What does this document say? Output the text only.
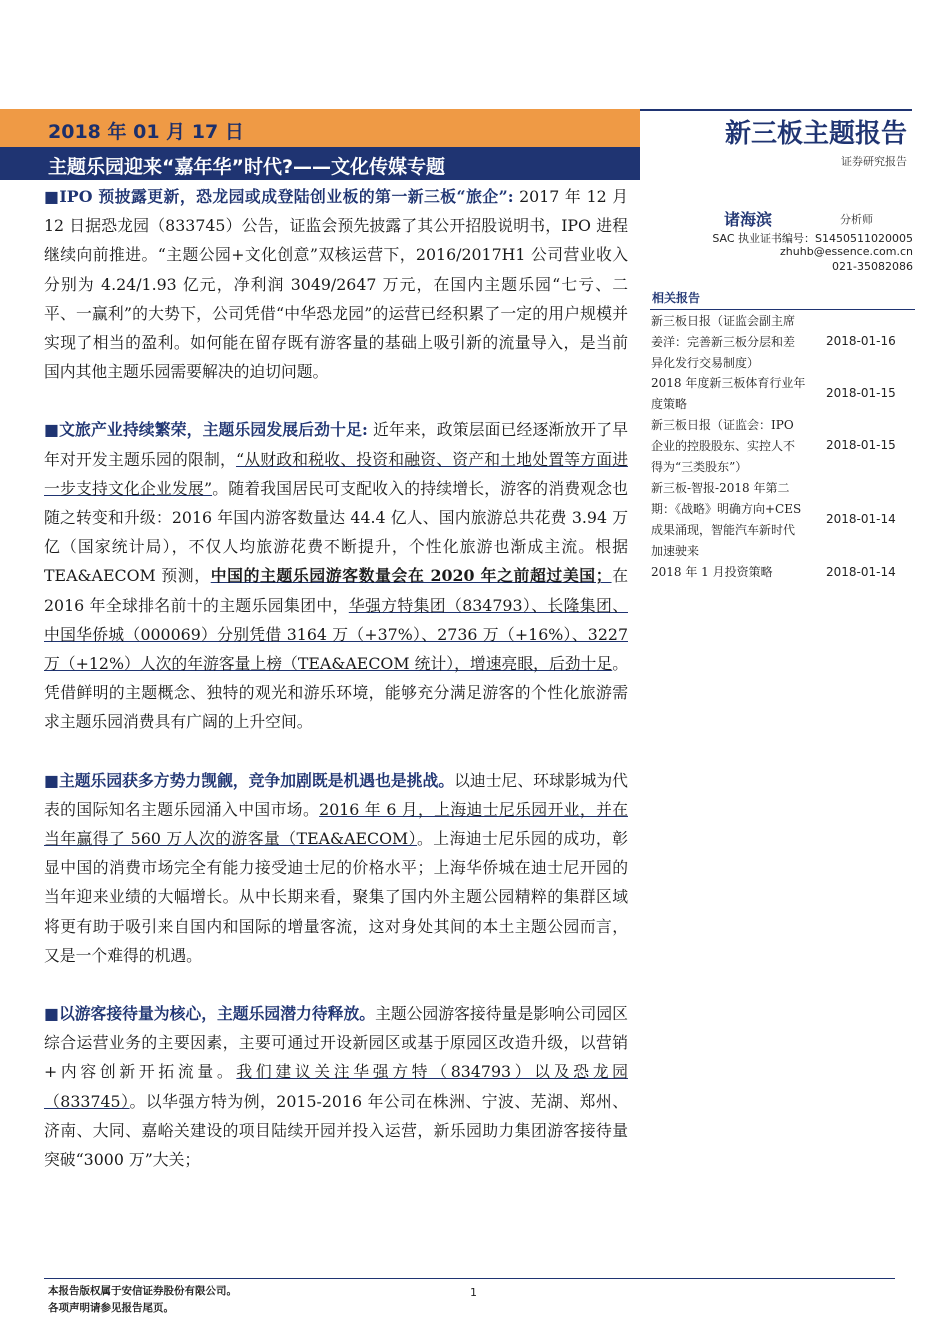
2018 年 01 月 17 日
主题乐园迎来“嘉年华”时代?——文化传媒专题
新三板主题报告
证券研究报告
诸海滨	分析师
SAC 执业证书编号：S1450511020005
zhuhb@essence.com.cn
021-35082086
相关报告
新三板日报（证监会副主席
姜洋：完善新三板分层和差
异化发行交易制度）
2018-01-16
2018 年度新三板体育行业年
度策略
2018-01-15
新三板日报（证监会：IPO
企业的控股股东、实控人不
得为“三类股东”）
2018-01-15
新三板-智报-2018 年第二
期：《战略》明确方向+CES
成果涌现，智能汽车新时代
加速驶来
2018-01-14
2018 年 1 月投资策略	2018-01-14

■IPO 预披露更新，恐龙园或成登陆创业板的第一新三板“旅企”: 2017 年 12 月 12 日据恐龙园（833745）公告，证监会预先披露了其公开招股说明书，IPO 进程继续向前推进。“主题公园+文化创意”双核运营下，2016/2017H1 公司营业收入分别为 4.24/1.93 亿元，净利润 3049/2647 万元，在国内主题乐园“七亏、二平、一赢利”的大势下，公司凭借“中华恐龙园”的运营已经积累了一定的用户规模并实现了相当的盈利。如何能在留存既有游客量的基础上吸引新的流量导入，是当前国内其他主题乐园需要解决的迫切问题。

■文旅产业持续繁荣，主题乐园发展后劲十足: 近年来，政策层面已经逐渐放开了早年对开发主题乐园的限制，“从财政和税收、投资和融资、资产和土地处置等方面进一步支持文化企业发展”。随着我国居民可支配收入的持续增长，游客的消费观念也随之转变和升级：2016 年国内游客数量达 44.4 亿人、国内旅游总共花费 3.94 万亿（国家统计局），不仅人均旅游花费不断提升，个性化旅游也渐成主流。根据 TEA&AECOM 预测，中国的主题乐园游客数量会在 2020 年之前超过美国；在 2016 年全球排名前十的主题乐园集团中，华强方特集团（834793）、长隆集团、中国华侨城（000069）分别凭借 3164 万（+37%）、2736 万（+16%）、3227 万（+12%）人次的年游客量上榜（TEA&AECOM 统计），增速亮眼，后劲十足。凭借鲜明的主题概念、独特的观光和游乐环境，能够充分满足游客的个性化旅游需求主题乐园消费具有广阔的上升空间。

■主题乐园获多方势力觊觎，竞争加剧既是机遇也是挑战。以迪士尼、环球影城为代表的国际知名主题乐园涌入中国市场。2016 年 6 月，上海迪士尼乐园开业，并在当年赢得了 560 万人次的游客量（TEA&AECOM）。上海迪士尼乐园的成功，彰显中国的消费市场完全有能力接受迪士尼的价格水平；上海华侨城在迪士尼开园的当年迎来业绩的大幅增长。从中长期来看，聚集了国内外主题公园精粹的集群区域将更有助于吸引来自国内和国际的增量客流，这对身处其间的本土主题公园而言，又是一个难得的机遇。

■以游客接待量为核心，主题乐园潜力待释放。主题公园游客接待量是影响公司园区综合运营业务的主要因素，主要可通过开设新园区或基于原园区改造升级，以营销+内容创新开拓流量。我们建议关注华强方特（834793）以及恐龙园（833745）。以华强方特为例，2015-2016 年公司在株洲、宁波、芜湖、郑州、济南、大同、嘉峪关建设的项目陆续开园并投入运营，新乐园助力集团游客接待量突破“3000 万”大关；

本报告版权属于安信证券股份有限公司。
各项声明请参见报告尾页。
1
